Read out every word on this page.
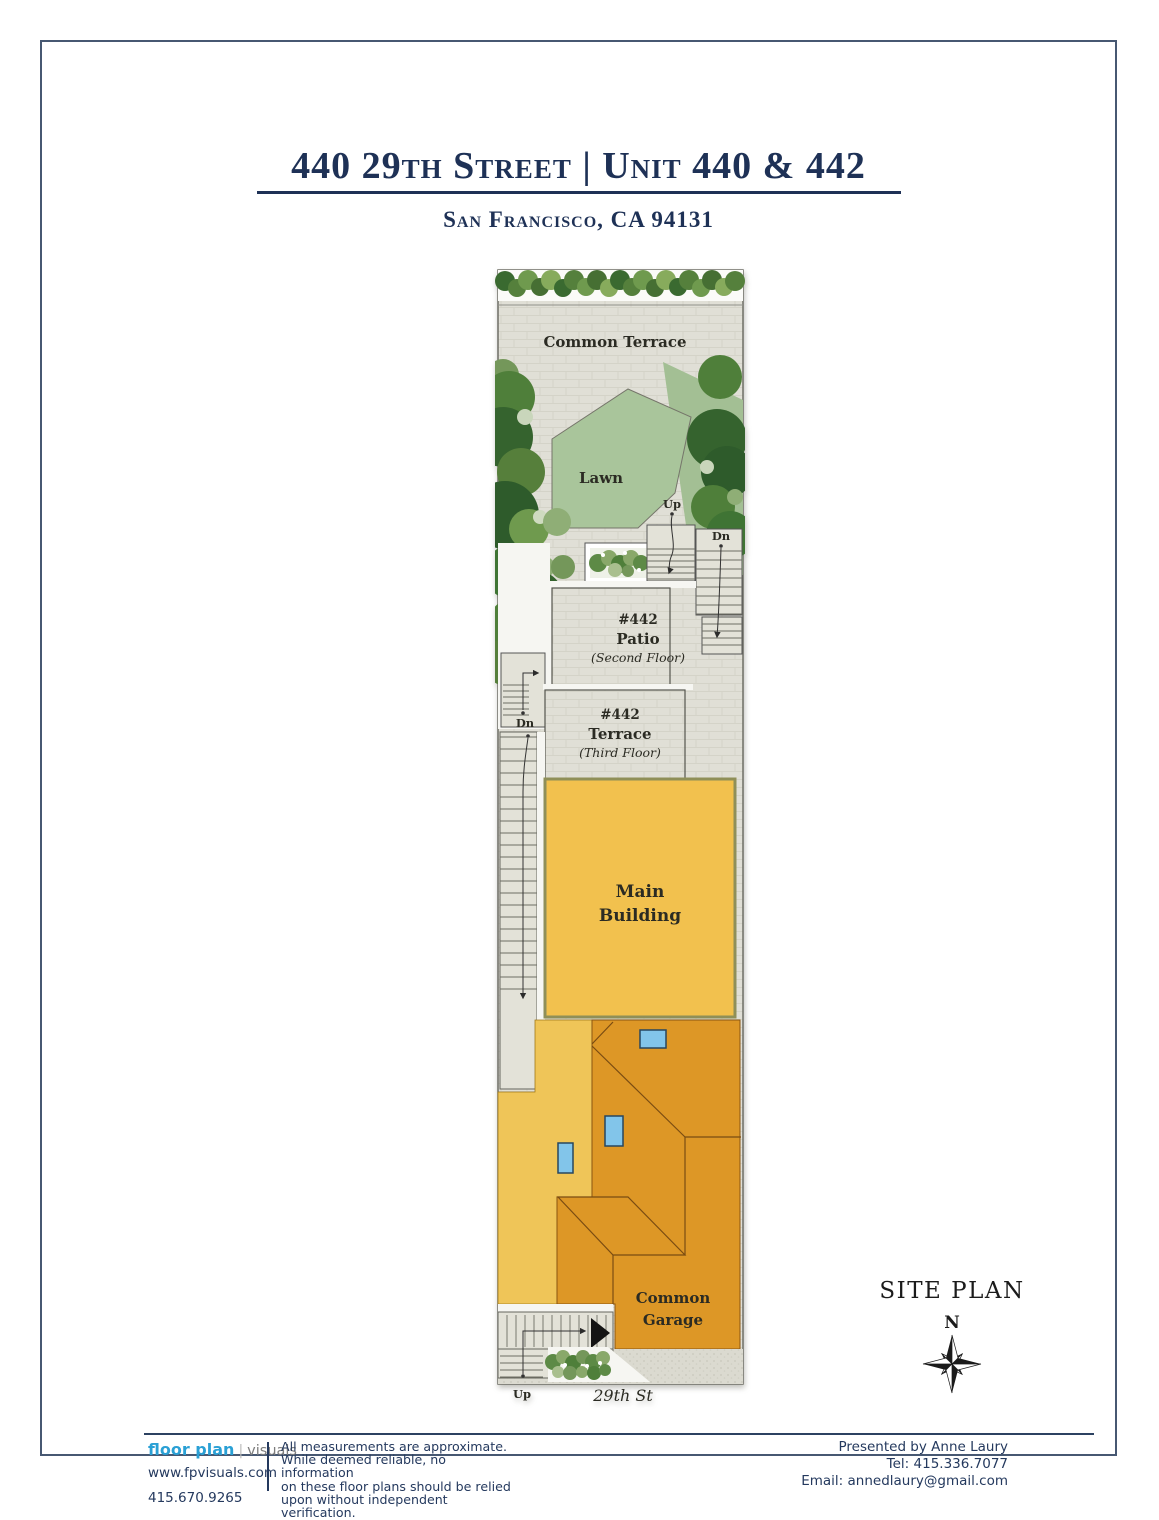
440 29th Street | Unit 440 & 442
San Francisco, CA 94131
Common Terrace
Lawn
Up
Dn
#442
Patio
(Second Floor)
Dn	#442
Terrace
(Third Floor)
Main
Building
Common
Garage
Up	29th St
SITE PLAN
N
floor plan | visuals
www.fpvisuals.com
415.670.9265
All measurements are approximate.
While deemed reliable, no information
on these floor plans should be relied
upon without independent verification.
Presented by Anne Laury
Tel: 415.336.7077
Email: annedlaury@gmail.com
